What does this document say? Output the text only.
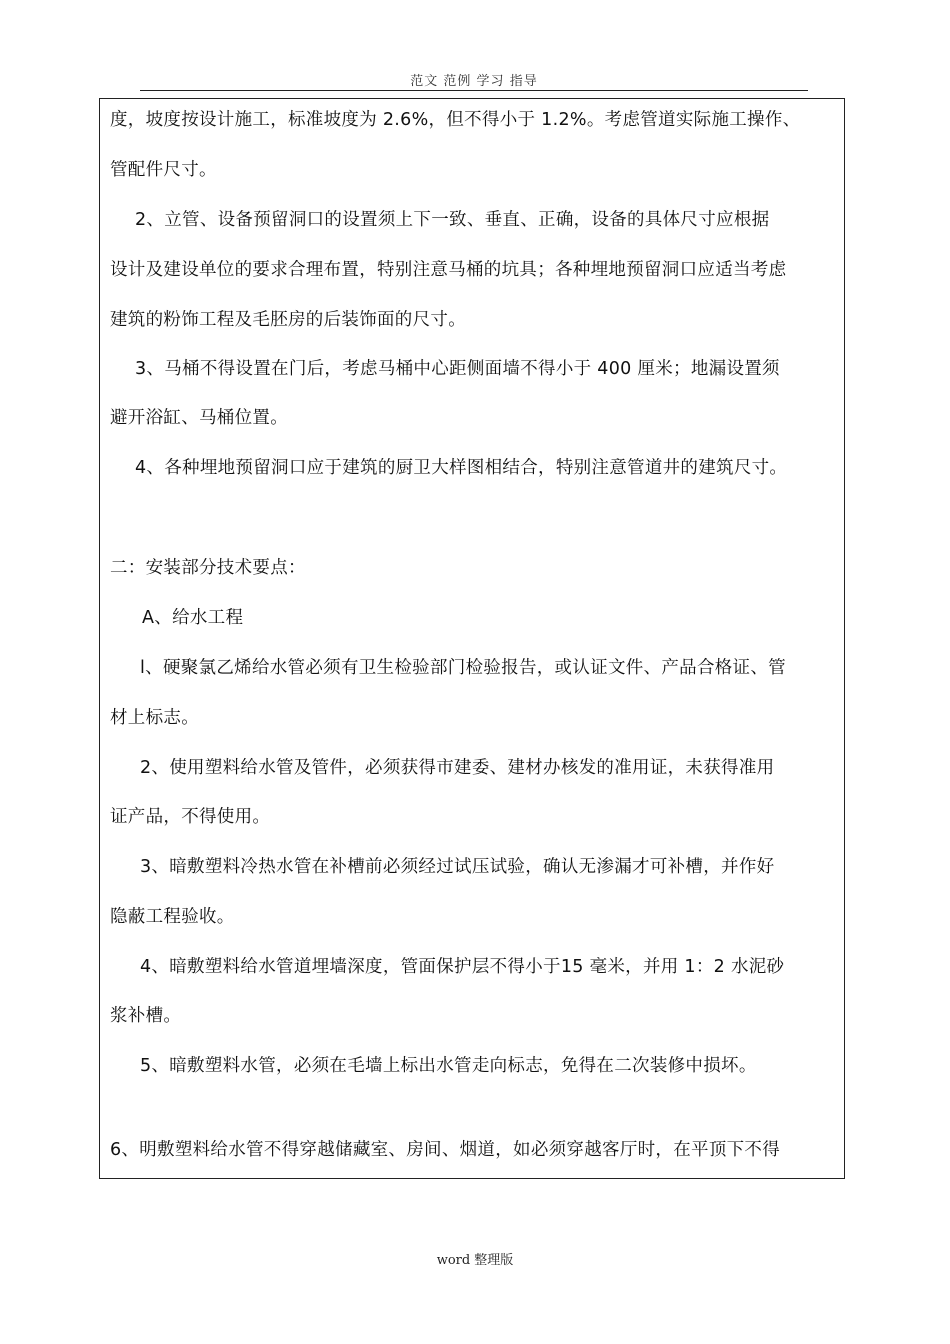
范文 范例 学习 指导
度，坡度按设计施工，标准坡度为 2.6%，但不得小于 1.2%。考虑管道实际施工操作、
管配件尺寸。
2、立管、设备预留洞口的设置须上下一致、垂直、正确，设备的具体尺寸应根据
设计及建设单位的要求合理布置，特别注意马桶的坑具；各种埋地预留洞口应适当考虑
建筑的粉饰工程及毛胚房的后装饰面的尺寸。
3、马桶不得设置在门后，考虑马桶中心距侧面墙不得小于 400 厘米；地漏设置须
避开浴缸、马桶位置。
4、各种埋地预留洞口应于建筑的厨卫大样图相结合，特别注意管道井的建筑尺寸。
二：安装部分技术要点：
A、给水工程
l、硬聚氯乙烯给水管必须有卫生检验部门检验报告，或认证文件、产品合格证、管
材上标志。
2、使用塑料给水管及管件，必须获得市建委、建材办核发的准用证，未获得准用
证产品，不得使用。
3、暗敷塑料冷热水管在补槽前必须经过试压试验，确认无渗漏才可补槽，并作好
隐蔽工程验收。
4、暗敷塑料给水管道埋墙深度，管面保护层不得小于15 毫米，并用 1：2 水泥砂
浆补槽。
5、暗敷塑料水管，必须在毛墙上标出水管走向标志，免得在二次装修中损坏。
6、明敷塑料给水管不得穿越储藏室、房间、烟道，如必须穿越客厅时，在平顶下不得
word 整理版
